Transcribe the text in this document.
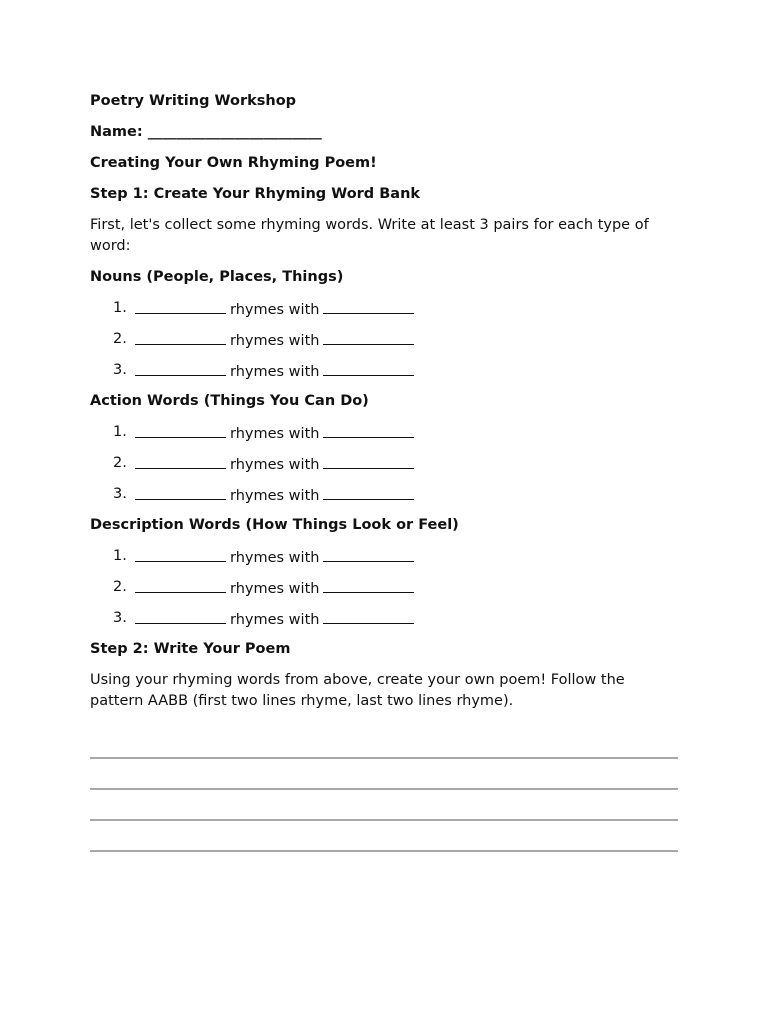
Poetry Writing Workshop
Name: ________________________
Creating Your Own Rhyming Poem!
Step 1: Create Your Rhyming Word Bank
First, let's collect some rhyming words. Write at least 3 pairs for each type of word:
Nouns (People, Places, Things)
1.	rhymes with
2.	rhymes with
3.	rhymes with
Action Words (Things You Can Do)
1.	rhymes with
2.	rhymes with
3.	rhymes with
Description Words (How Things Look or Feel)
1.	rhymes with
2.	rhymes with
3.	rhymes with
Step 2: Write Your Poem
Using your rhyming words from above, create your own poem! Follow the pattern AABB (first two lines rhyme, last two lines rhyme).
